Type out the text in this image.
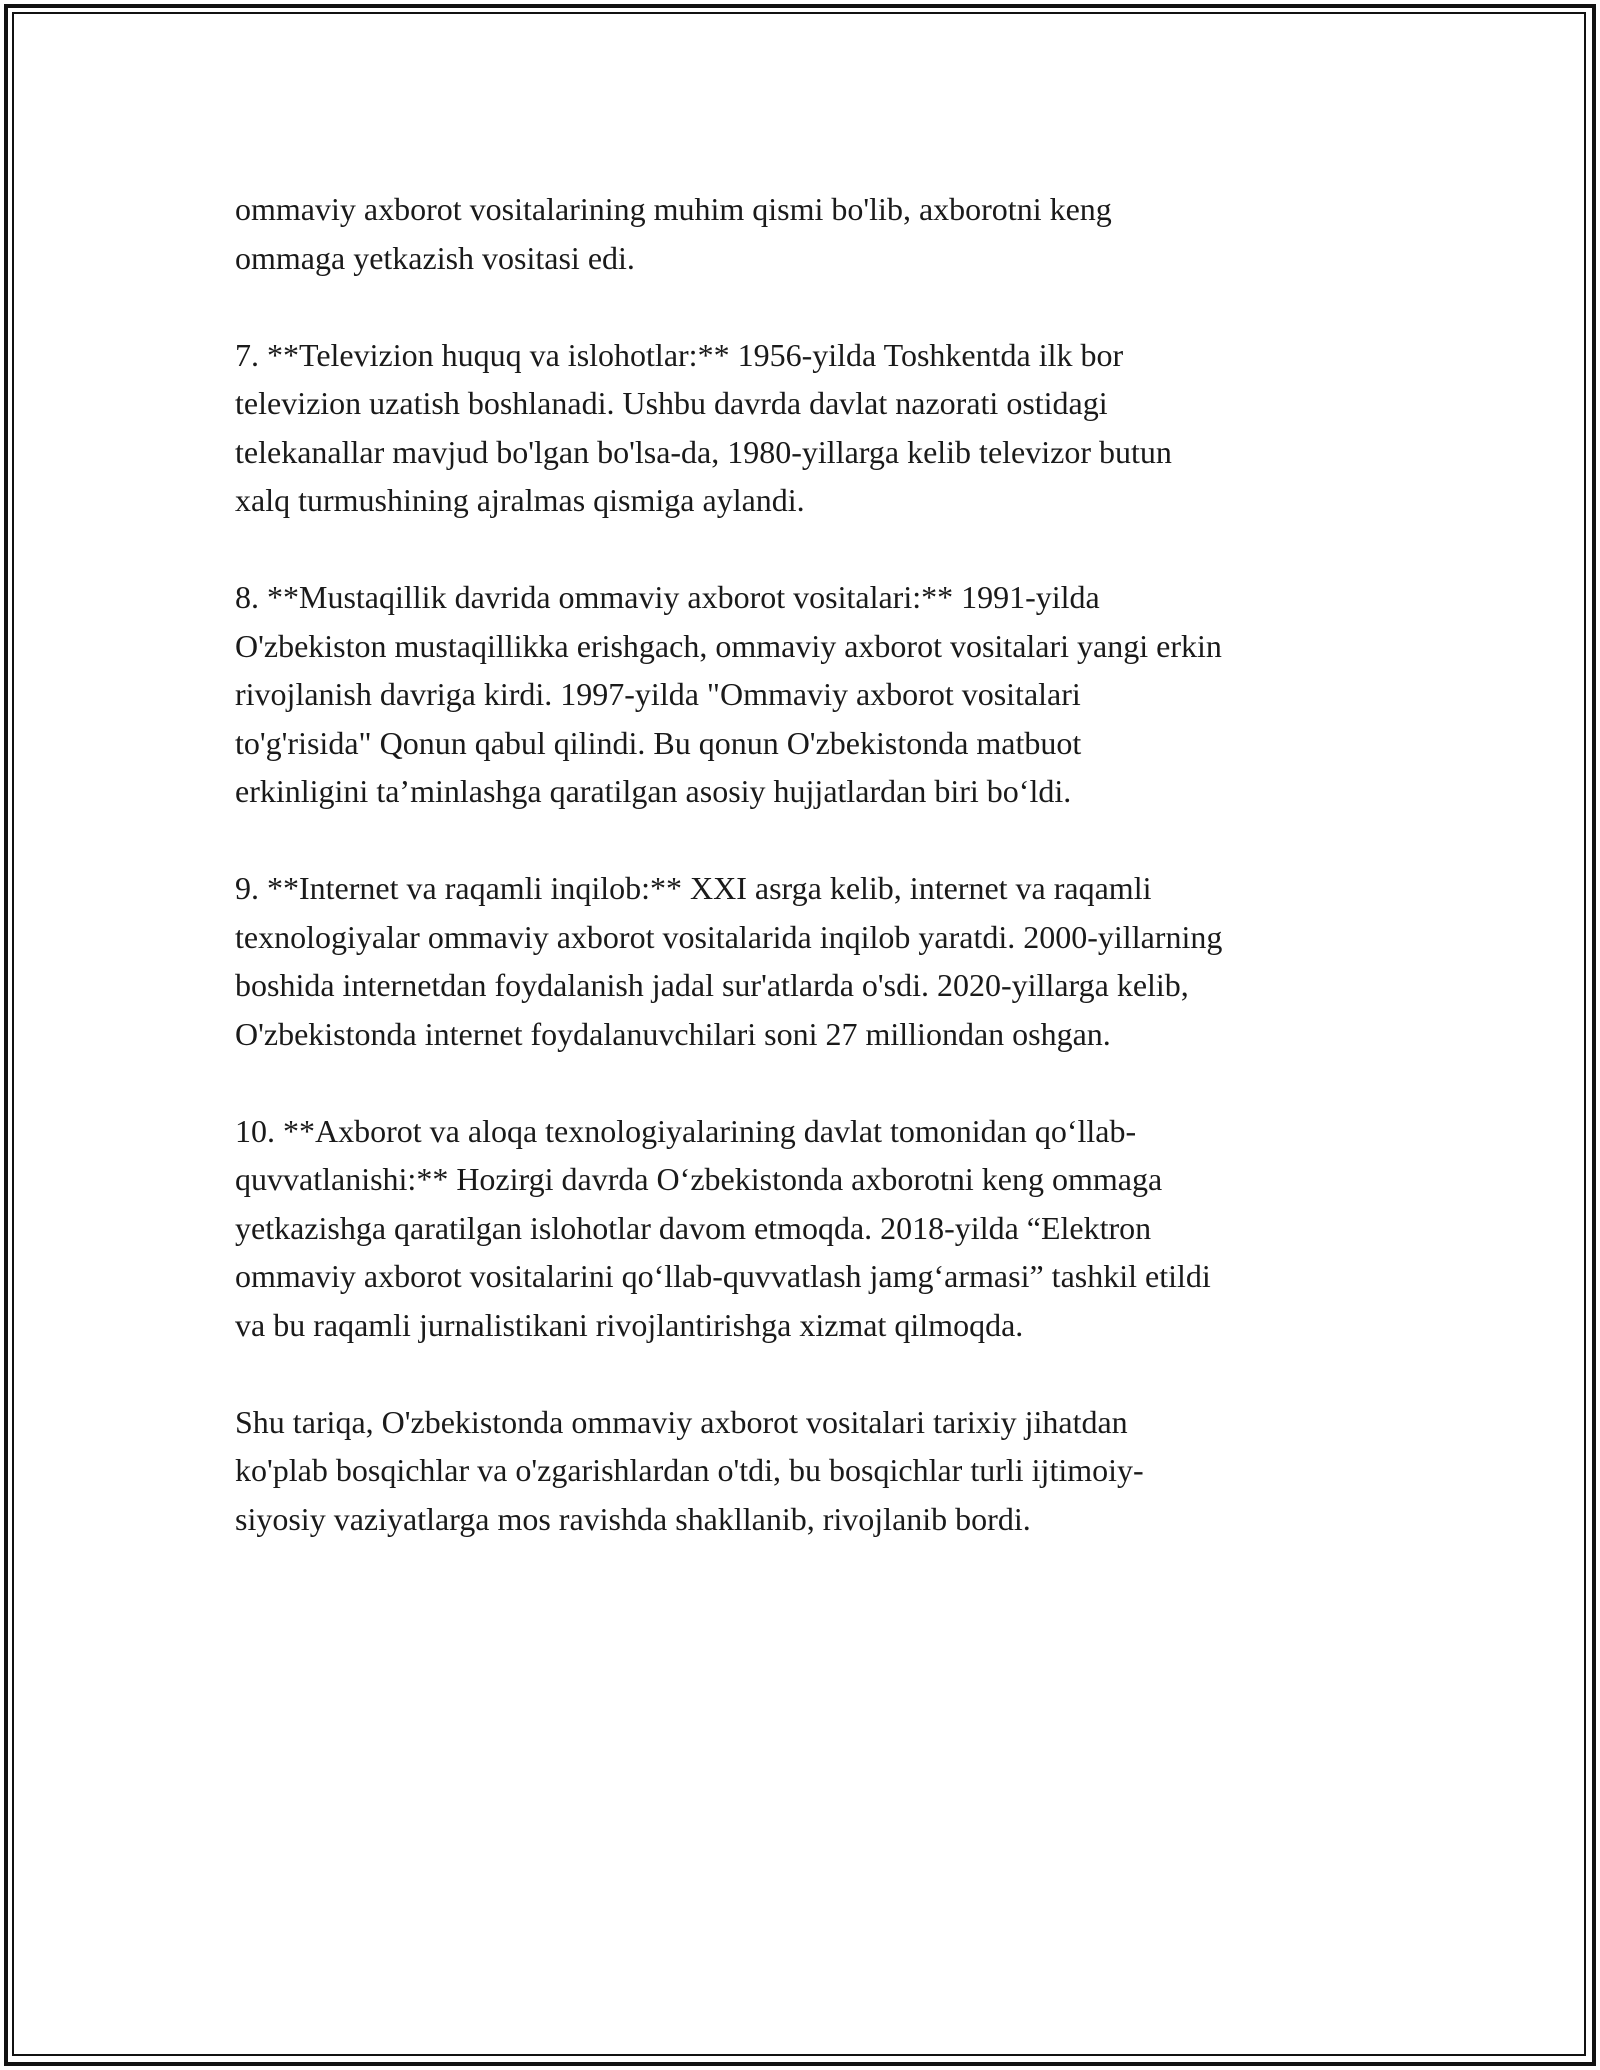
ommaviy axborot vositalarining muhim qismi bo'lib, axborotni keng
ommaga yetkazish vositasi edi.

7. **Televizion huquq va islohotlar:** 1956-yilda Toshkentda ilk bor
televizion uzatish boshlanadi. Ushbu davrda davlat nazorati ostidagi
telekanallar mavjud bo'lgan bo'lsa-da, 1980-yillarga kelib televizor butun
xalq turmushining ajralmas qismiga aylandi.

8. **Mustaqillik davrida ommaviy axborot vositalari:** 1991-yilda
O'zbekiston mustaqillikka erishgach, ommaviy axborot vositalari yangi erkin
rivojlanish davriga kirdi. 1997-yilda "Ommaviy axborot vositalari
to'g'risida" Qonun qabul qilindi. Bu qonun O'zbekistonda matbuot
erkinligini ta’minlashga qaratilgan asosiy hujjatlardan biri bo‘ldi.

9. **Internet va raqamli inqilob:** XXI asrga kelib, internet va raqamli
texnologiyalar ommaviy axborot vositalarida inqilob yaratdi. 2000-yillarning
boshida internetdan foydalanish jadal sur'atlarda o'sdi. 2020-yillarga kelib,
O'zbekistonda internet foydalanuvchilari soni 27 milliondan oshgan.

10. **Axborot va aloqa texnologiyalarining davlat tomonidan qo‘llab-
quvvatlanishi:** Hozirgi davrda O‘zbekistonda axborotni keng ommaga
yetkazishga qaratilgan islohotlar davom etmoqda. 2018-yilda “Elektron
ommaviy axborot vositalarini qo‘llab-quvvatlash jamg‘armasi” tashkil etildi
va bu raqamli jurnalistikani rivojlantirishga xizmat qilmoqda.

Shu tariqa, O'zbekistonda ommaviy axborot vositalari tarixiy jihatdan
ko'plab bosqichlar va o'zgarishlardan o'tdi, bu bosqichlar turli ijtimoiy-
siyosiy vaziyatlarga mos ravishda shakllanib, rivojlanib bordi.
